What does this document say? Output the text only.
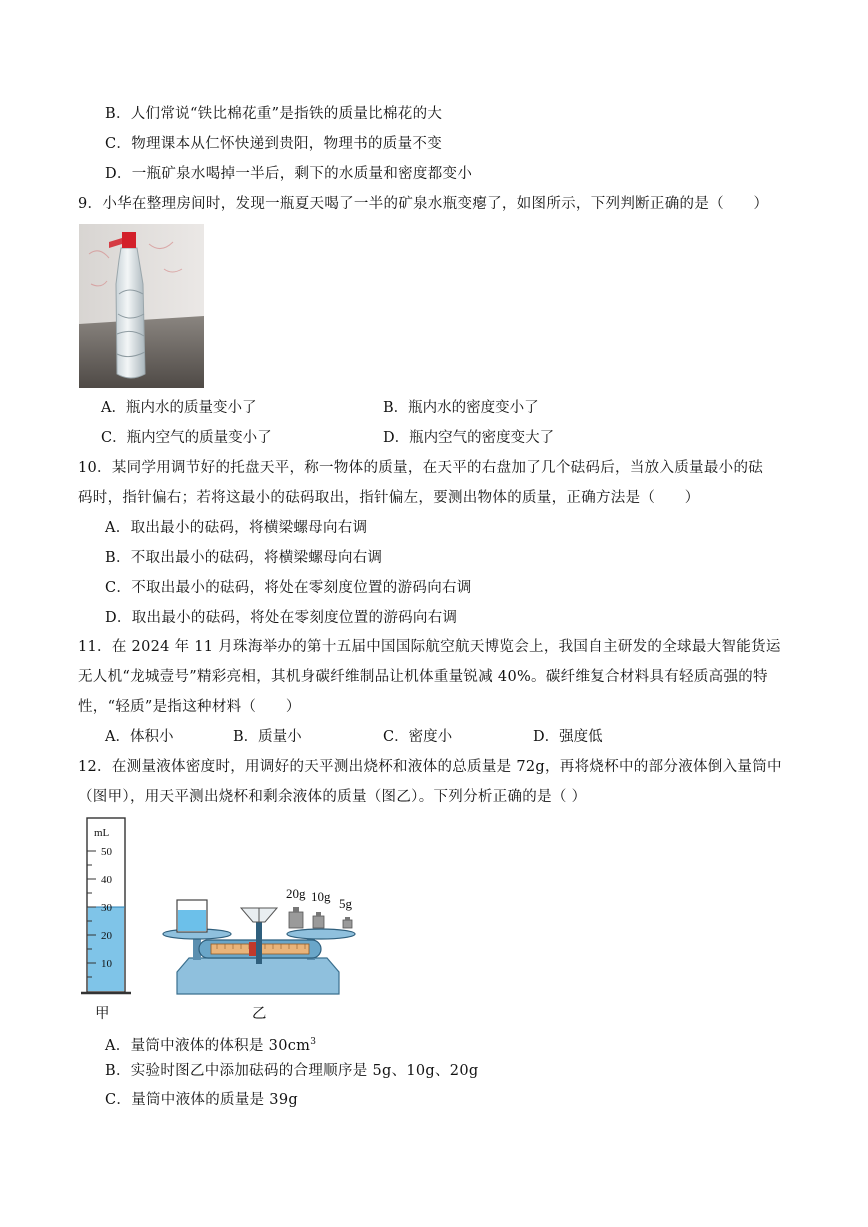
B．人们常说“铁比棉花重”是指铁的质量比棉花的大
C．物理课本从仁怀快递到贵阳，物理书的质量不变
D．一瓶矿泉水喝掉一半后，剩下的水质量和密度都变小
9．小华在整理房间时，发现一瓶夏天喝了一半的矿泉水瓶变瘪了，如图所示，下列判断正确的是（　　）
A．瓶内水的质量变小了	B．瓶内水的密度变小了
C．瓶内空气的质量变小了	D．瓶内空气的密度变大了
10．某同学用调节好的托盘天平，称一物体的质量，在天平的右盘加了几个砝码后，当放入质量最小的砝
码时，指针偏右；若将这最小的砝码取出，指针偏左，要测出物体的质量，正确方法是（　　）
A．取出最小的砝码，将横梁螺母向右调
B．不取出最小的砝码，将横梁螺母向右调
C．不取出最小的砝码，将处在零刻度位置的游码向右调
D．取出最小的砝码，将处在零刻度位置的游码向右调
11．在 2024 年 11 月珠海举办的第十五届中国国际航空航天博览会上，我国自主研发的全球最大智能货运
无人机“龙城壹号”精彩亮相，其机身碳纤维制品让机体重量锐减 40%。碳纤维复合材料具有轻质高强的特
性，“轻质”是指这种材料（　　）
A．体积小	B．质量小	C．密度小	D．强度低
12．在测量液体密度时，用调好的天平测出烧杯和液体的总质量是 72g，再将烧杯中的部分液体倒入量筒中
（图甲），用天平测出烧杯和剩余液体的质量（图乙）。下列分析正确的是（ ）
mL
50
40
30
20
10
20g 10g 5g
甲	乙
A．量筒中液体的体积是 $30cm^3$
B．实验时图乙中添加砝码的合理顺序是 5g、10g、20g
C．量筒中液体的质量是 39g
